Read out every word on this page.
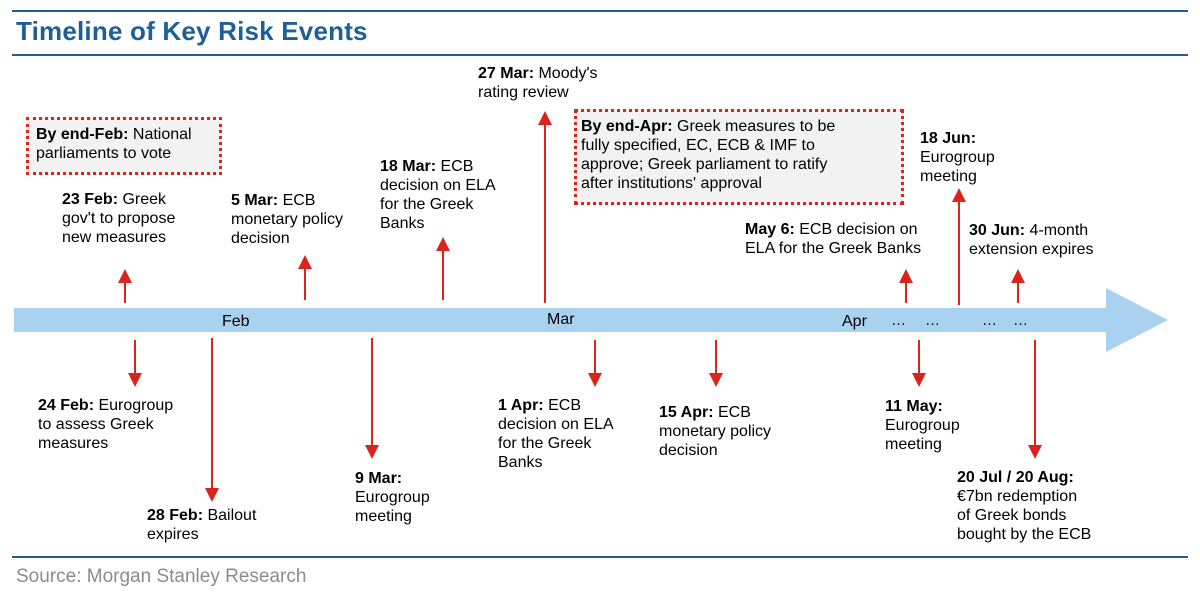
Timeline of Key Risk Events
Feb	Mar	Apr … …	… …
By end-Feb: National
parliaments to vote
By end-Apr: Greek measures to be
fully specified, EC, ECB & IMF to
approve; Greek parliament to ratify
after institutions' approval
23 Feb: Greek
gov't to propose
new measures
5 Mar: ECB
monetary policy
decision
18 Mar: ECB
decision on ELA
for the Greek
Banks
27 Mar: Moody's
rating review
May 6: ECB decision on
ELA for the Greek Banks
18 Jun:
Eurogroup
meeting
30 Jun: 4-month
extension expires
24 Feb: Eurogroup
to assess Greek
measures
28 Feb: Bailout
expires
9 Mar:
Eurogroup
meeting
1 Apr: ECB
decision on ELA
for the Greek
Banks
15 Apr: ECB
monetary policy
decision
11 May:
Eurogroup
meeting
20 Jul / 20 Aug:
€7bn redemption
of Greek bonds
bought by the ECB
Source: Morgan Stanley Research
